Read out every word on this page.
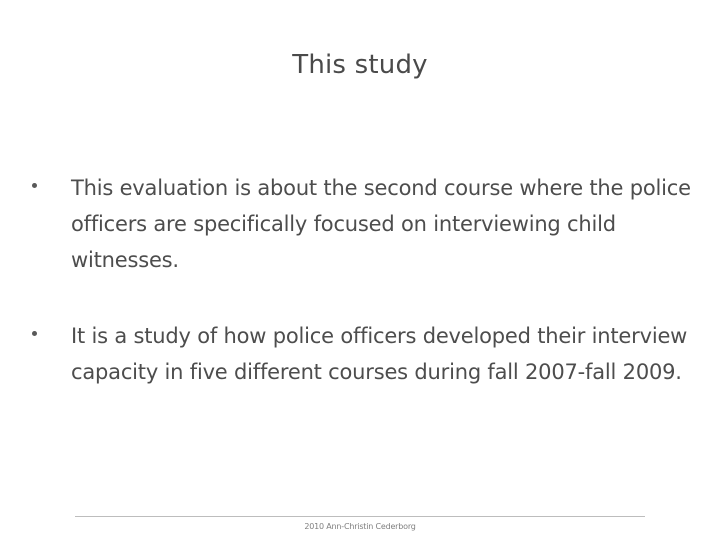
This study
This evaluation is about the second course where the police officers are specifically focused on interviewing child witnesses.
It is a study of how police officers developed their interview capacity in five different courses during fall 2007-fall 2009.
2010 Ann-Christin Cederborg
